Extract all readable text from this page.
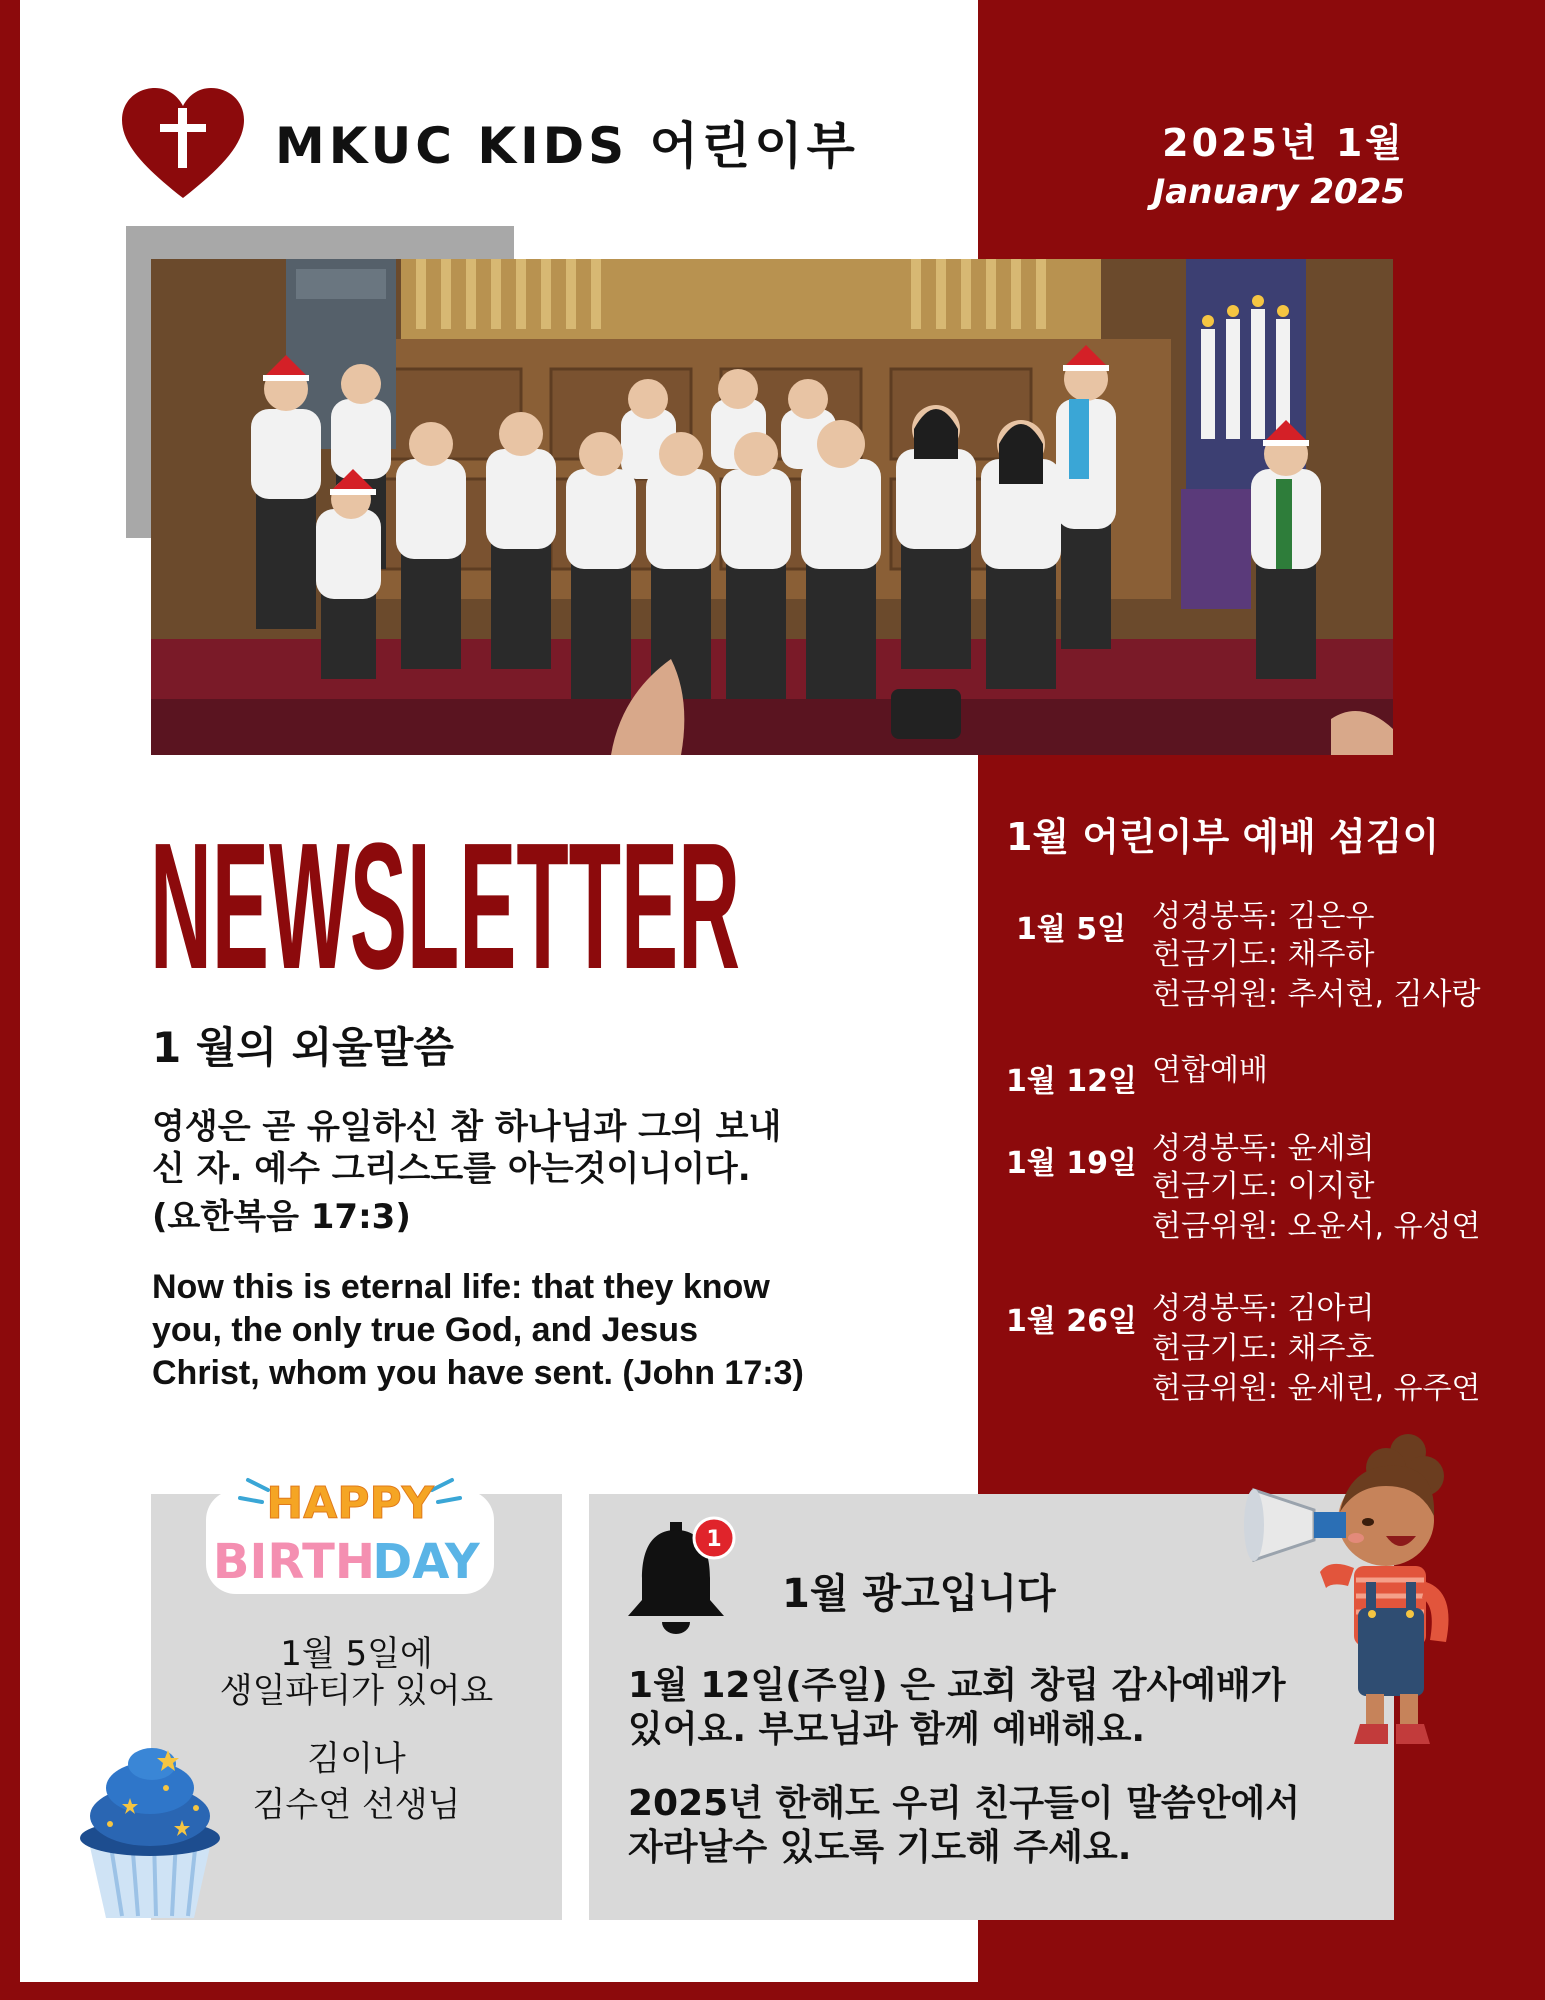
MKUC KIDS 어린이부	2025년 1월
January 2025
NEWSLETTER
1 월의 외울말씀
영생은 곧 유일하신 참 하나님과 그의 보내
신 자. 예수 그리스도를 아는것이니이다.
(요한복음 17:3)
Now this is eternal life: that they know
you, the only true God, and Jesus
Christ, whom you have sent. (John 17:3)
1월 어린이부 예배 섬김이
1월 5일 성경봉독: 김은우
헌금기도: 채주하
헌금위원: 추서현, 김사랑
1월 12일 연합예배
1월 19일 성경봉독: 윤세희
헌금기도: 이지한
헌금위원: 오윤서, 유성연
1월 26일 성경봉독: 김아리
헌금기도: 채주호
헌금위원: 윤세린, 유주연
HAPPY
BIRTH
DAY
1월 5일에
생일파티가 있어요
김이나
김수연 선생님
1
1월 광고입니다
1월 12일(주일) 은 교회 창립 감사예배가
있어요. 부모님과 함께 예배해요.
2025년 한해도 우리 친구들이 말씀안에서
자라날수 있도록 기도해 주세요.
